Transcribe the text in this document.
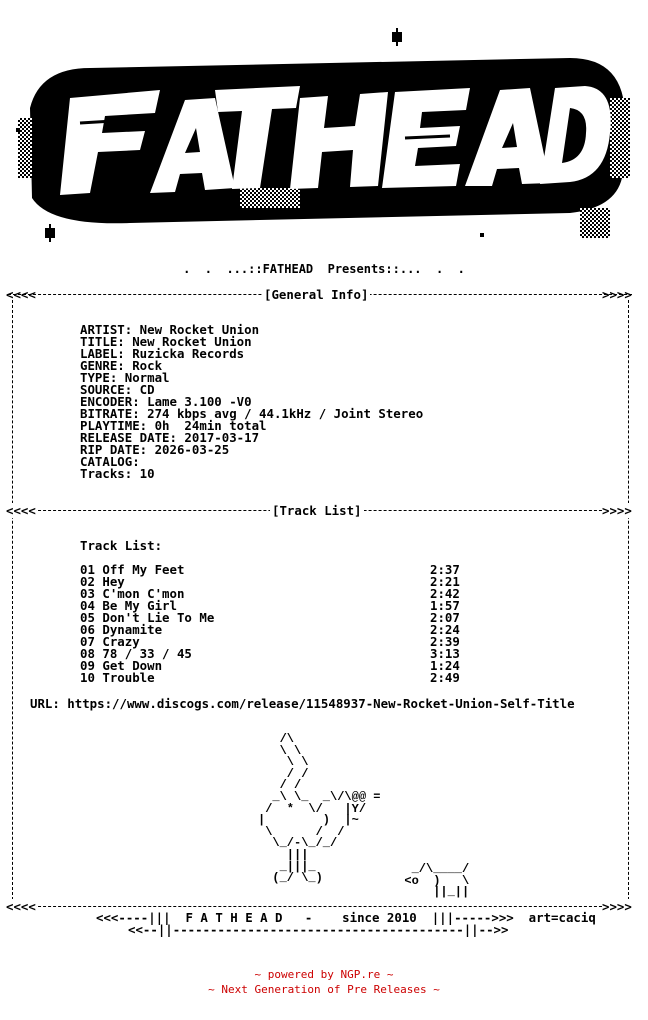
.  .  ...::FATHEAD  Presents::...  .  .
[General Info]
<<<<	>>>>
ARTIST: New Rocket Union
TITLE: New Rocket Union
LABEL: Ruzicka Records
GENRE: Rock
TYPE: Normal
SOURCE: CD
ENCODER: Lame 3.100 -V0
BITRATE: 274 kbps avg / 44.1kHz / Joint Stereo
PLAYTIME: 0h  24min total
RELEASE DATE: 2017-03-17
RIP DATE: 2026-03-25
CATALOG:
Tracks: 10
[Track List]
<<<<	>>>>
Track List:
01 Off My Feet	2:37
02 Hey	2:21
03 C'mon C'mon	2:42
04 Be My Girl	1:57
05 Don't Lie To Me	2:07
06 Dynamite	2:24
07 Crazy	2:39
08 78 / 33 / 45	3:13
09 Get Down	1:24
10 Trouble	2:49
URL: https://www.discogs.com/release/11548937-New-Rocket-Union-Self-Title
/\
\ \
\ \
/ /
/ /
_\ \_  _\/\@@ =
/  *  \/   |Y/
|        )  |~
\      /  /
\_/-\_/_/
|||
_|||_
(_/ \_)
_/\____/
<o  )   \
||_||
<<<<	>>>>
<<<----|||  F A T H E A D   -    since 2010  |||----->>>  art=caciq
<<--||---------------------------------------||-->>
~ powered by NGP.re ~
~ Next Generation of Pre Releases ~
